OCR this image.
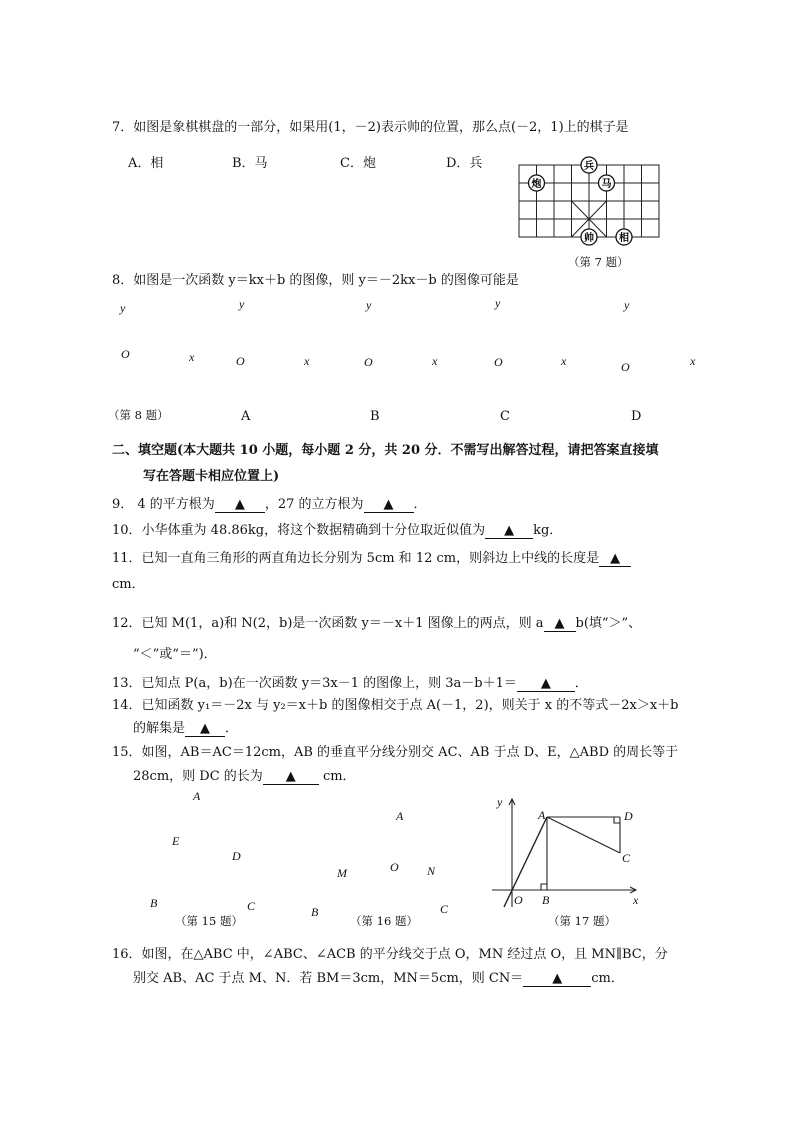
7．如图是象棋棋盘的一部分，如果用(1，－2)表示帅的位置，那么点(－2，1)上的棋子是
A．相	B．马	C．炮	D．兵	兵
炮	马
帅	相
（第 7 题）
8．如图是一次函数 y＝kx＋b 的图像，则 y＝－2kx－b 的图像可能是
y
O	x
y
O	x
y
O	x
y
O	x
y
O	x
（第 8 题）	A	B	C	D
二、填空题(本大题共 10 小题，每小题 2 分，共 20 分．不需写出解答过程，请把答案直接填
写在答题卡相应位置上)
9． 4 的平方根为 ▲ ，27 的立方根为 ▲ ．
10．小华体重为 48.86kg，将这个数据精确到十分位取近似值为 ▲ kg．
11．已知一直角三角形的两直角边长分别为 5cm 和 12 cm，则斜边上中线的长度是 ▲
cm．
12．已知 M(1，a)和 N(2，b)是一次函数 y＝－x＋1 图像上的两点，则 a ▲ b(填“＞”、
“＜”或“＝”)．
13．已知点 P(a，b)在一次函数 y＝3x－1 的图像上，则 3a－b＋1＝ ▲ ．
14．已知函数 y₁＝－2x 与 y₂＝x＋b 的图像相交于点 A(－1，2)，则关于 x 的不等式－2x＞x＋b
的解集是 ▲ ．
15．如图，AB＝AC＝12cm，AB 的垂直平分线分别交 AC、AB 于点 D、E，△ABD 的周长等于
28cm，则 DC 的长为 ▲ cm．
A
E
D
B	C
（第 15 题）
A
O
M	N
B	C
（第 16 题）
y
A	D
C
O B	x
（第 17 题）
16．如图，在△ABC 中，∠ABC、∠ACB 的平分线交于点 O，MN 经过点 O，且 MN∥BC，分
别交 AB、AC 于点 M、N．若 BM＝3cm，MN＝5cm，则 CN＝ ▲ cm．
